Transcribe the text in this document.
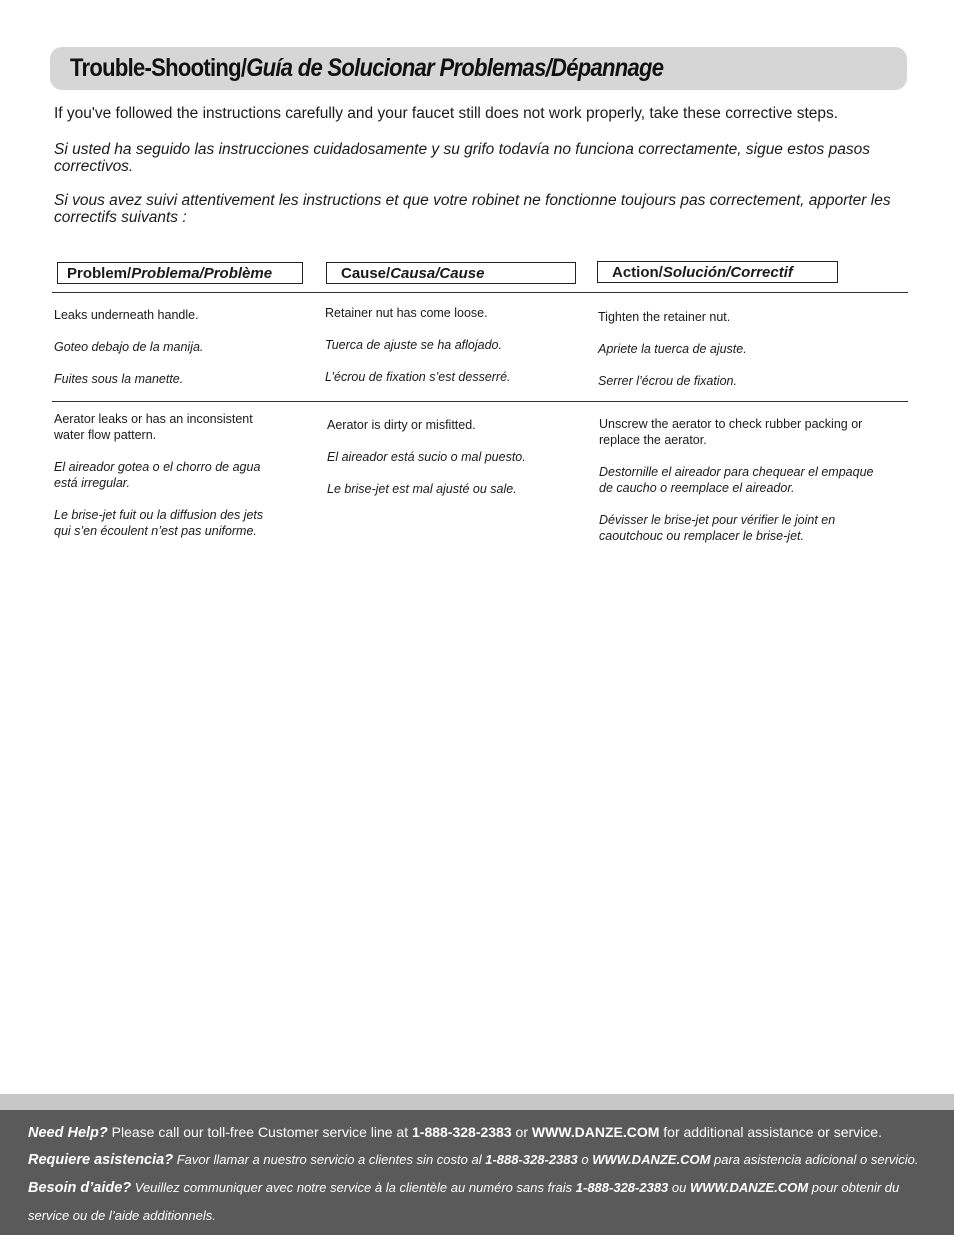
Trouble-Shooting/Guía de Solucionar Problemas/Dépannage

If you've followed the instructions carefully and your faucet still does not work properly, take these corrective steps.

Si usted ha seguido las instrucciones cuidadosamente y su grifo todavía no funciona correctamente, sigue estos pasos correctivos.

Si vous avez suivi attentivement les instructions et que votre robinet ne fonctionne toujours pas correctement, apporter les correctifs suivants :

Problem/Problema/Problème	Cause/Causa/Cause	Action/Solución/Correctif

Leaks underneath handle.

Goteo debajo de la manija.

Fuites sous la manette.

Retainer nut has come loose.

Tuerca de ajuste se ha aflojado.

L’écrou de fixation s’est desserré.

Tighten the retainer nut.

Apriete la tuerca de ajuste.

Serrer l’écrou de fixation.

Aerator leaks or has an inconsistent water flow pattern.

El aireador gotea o el chorro de agua está irregular.

Le brise-jet fuit ou la diffusion des jets qui s’en écoulent n’est pas uniforme.

Aerator is dirty or misfitted.

El aireador está sucio o mal puesto.

Le brise-jet est mal ajusté ou sale.

Unscrew the aerator to check rubber packing or replace the aerator.

Destornille el aireador para chequear el empaque de caucho o reemplace el aireador.

Dévisser le brise-jet pour vérifier le joint en caoutchouc ou remplacer le brise-jet.

Need Help? Please call our toll-free Customer service line at 1-888-328-2383 or WWW.DANZE.COM for additional assistance or service.
Requiere asistencia? Favor llamar a nuestro servicio a clientes sin costo al 1-888-328-2383 o WWW.DANZE.COM para asistencia adicional o servicio.
Besoin d’aide? Veuillez communiquer avec notre service à la clientèle au numéro sans frais 1-888-328-2383 ou WWW.DANZE.COM pour obtenir du
service ou de l’aide additionnels.
